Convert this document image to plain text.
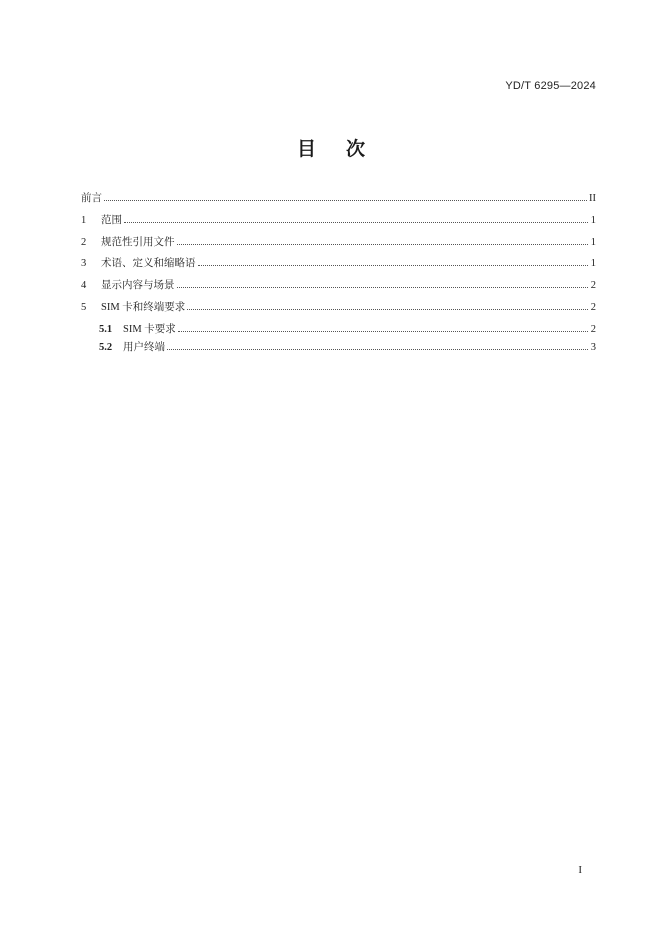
YD/T 6295—2024
目 次
前言	II
1	范围	1
2	规范性引用文件	1
3	术语、定义和缩略语	1
4	显示内容与场景	2
5	SIM 卡和终端要求	2
5.1	SIM 卡要求	2
5.2	用户终端	3
I
